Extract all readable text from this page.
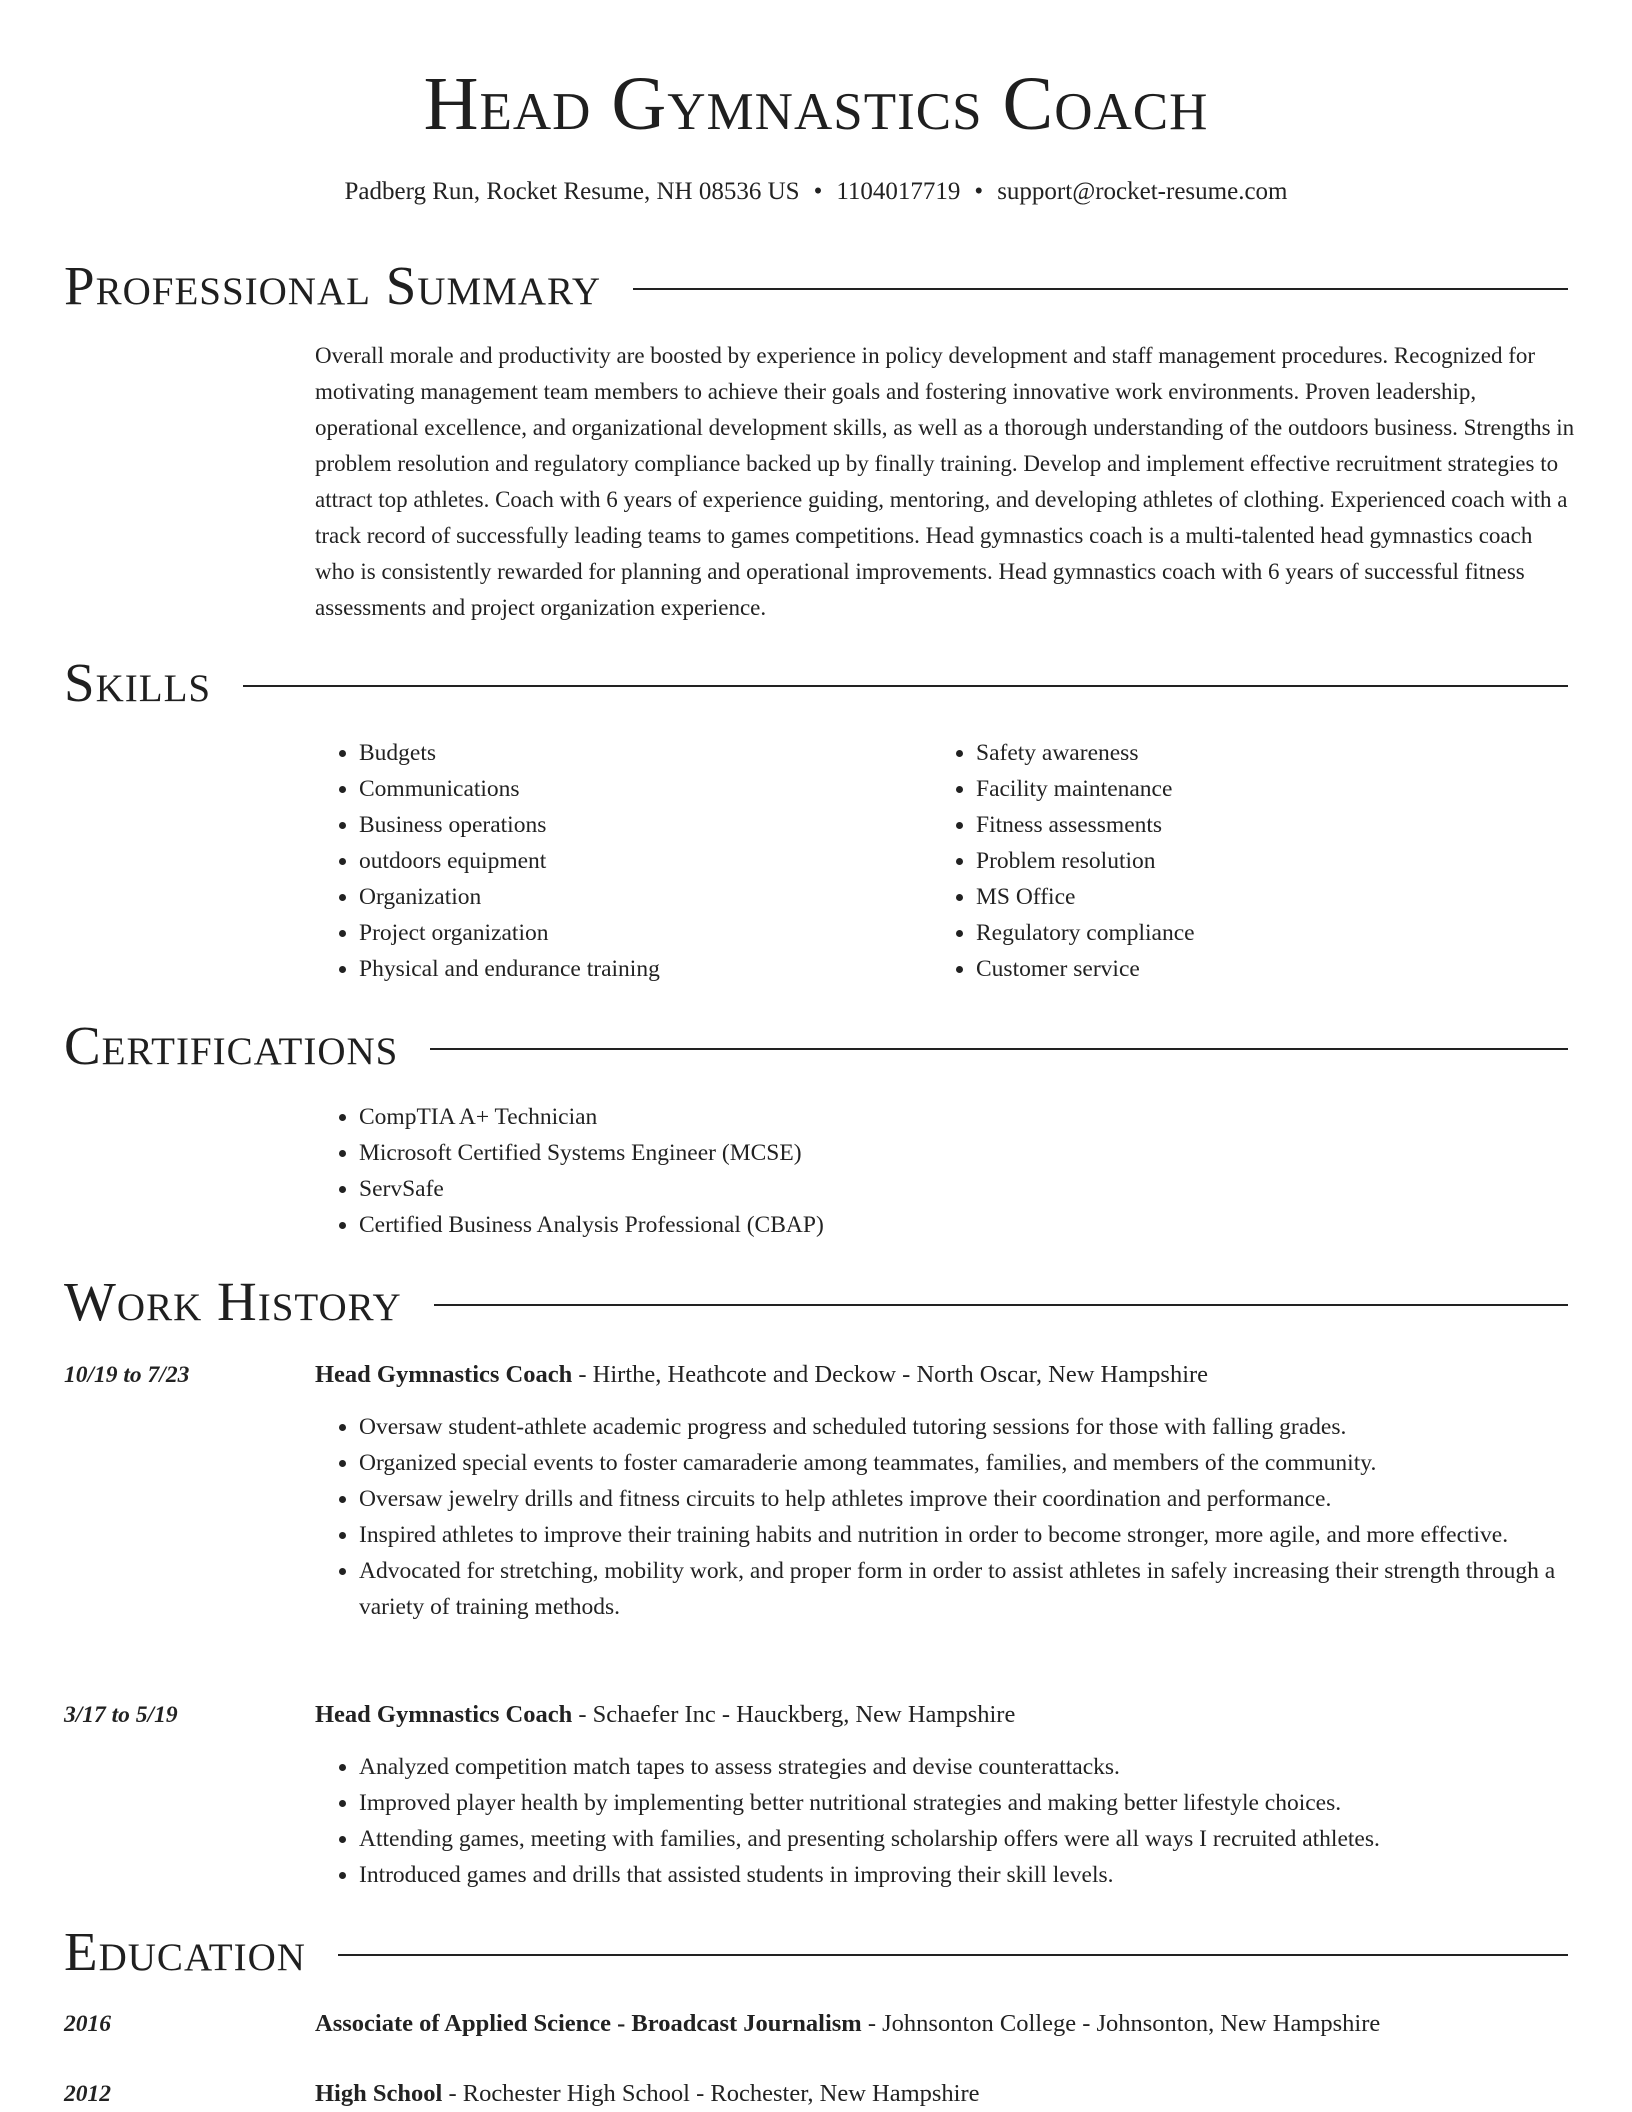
Head Gymnastics Coach
Padberg Run, Rocket Resume, NH 08536 US • 1104017719 • support@rocket-resume.com
Professional Summary

Overall morale and productivity are boosted by experience in policy development and staff management procedures. Recognized for motivating management team members to achieve their goals and fostering innovative work environments. Proven leadership, operational excellence, and organizational development skills, as well as a thorough understanding of the outdoors business. Strengths in problem resolution and regulatory compliance backed up by finally training. Develop and implement effective recruitment strategies to attract top athletes. Coach with 6 years of experience guiding, mentoring, and developing athletes of clothing. Experienced coach with a track record of successfully leading teams to games competitions. Head gymnastics coach is a multi-talented head gymnastics coach who is consistently rewarded for planning and operational improvements. Head gymnastics coach with 6 years of successful fitness assessments and project organization experience.

Skills
• Budgets
• Communications
• Business operations
• outdoors equipment
• Organization
• Project organization
• Physical and endurance training
• Safety awareness
• Facility maintenance
• Fitness assessments
• Problem resolution
• MS Office
• Regulatory compliance
• Customer service
Certifications
• CompTIA A+ Technician
• Microsoft Certified Systems Engineer (MCSE)
• ServSafe
• Certified Business Analysis Professional (CBAP)
Work History
10/19 to 7/23	Head Gymnastics Coach - Hirthe, Heathcote and Deckow - North Oscar, New Hampshire
• Oversaw student-athlete academic progress and scheduled tutoring sessions for those with falling grades.
• Organized special events to foster camaraderie among teammates, families, and members of the community.
• Oversaw jewelry drills and fitness circuits to help athletes improve their coordination and performance.
• Inspired athletes to improve their training habits and nutrition in order to become stronger, more agile, and more effective.
• Advocated for stretching, mobility work, and proper form in order to assist athletes in safely increasing their strength through a variety of training methods.
3/17 to 5/19	Head Gymnastics Coach - Schaefer Inc - Hauckberg, New Hampshire
• Analyzed competition match tapes to assess strategies and devise counterattacks.
• Improved player health by implementing better nutritional strategies and making better lifestyle choices.
• Attending games, meeting with families, and presenting scholarship offers were all ways I recruited athletes.
• Introduced games and drills that assisted students in improving their skill levels.
Education
2016	Associate of Applied Science - Broadcast Journalism - Johnsonton College - Johnsonton, New Hampshire
2012	High School - Rochester High School - Rochester, New Hampshire
